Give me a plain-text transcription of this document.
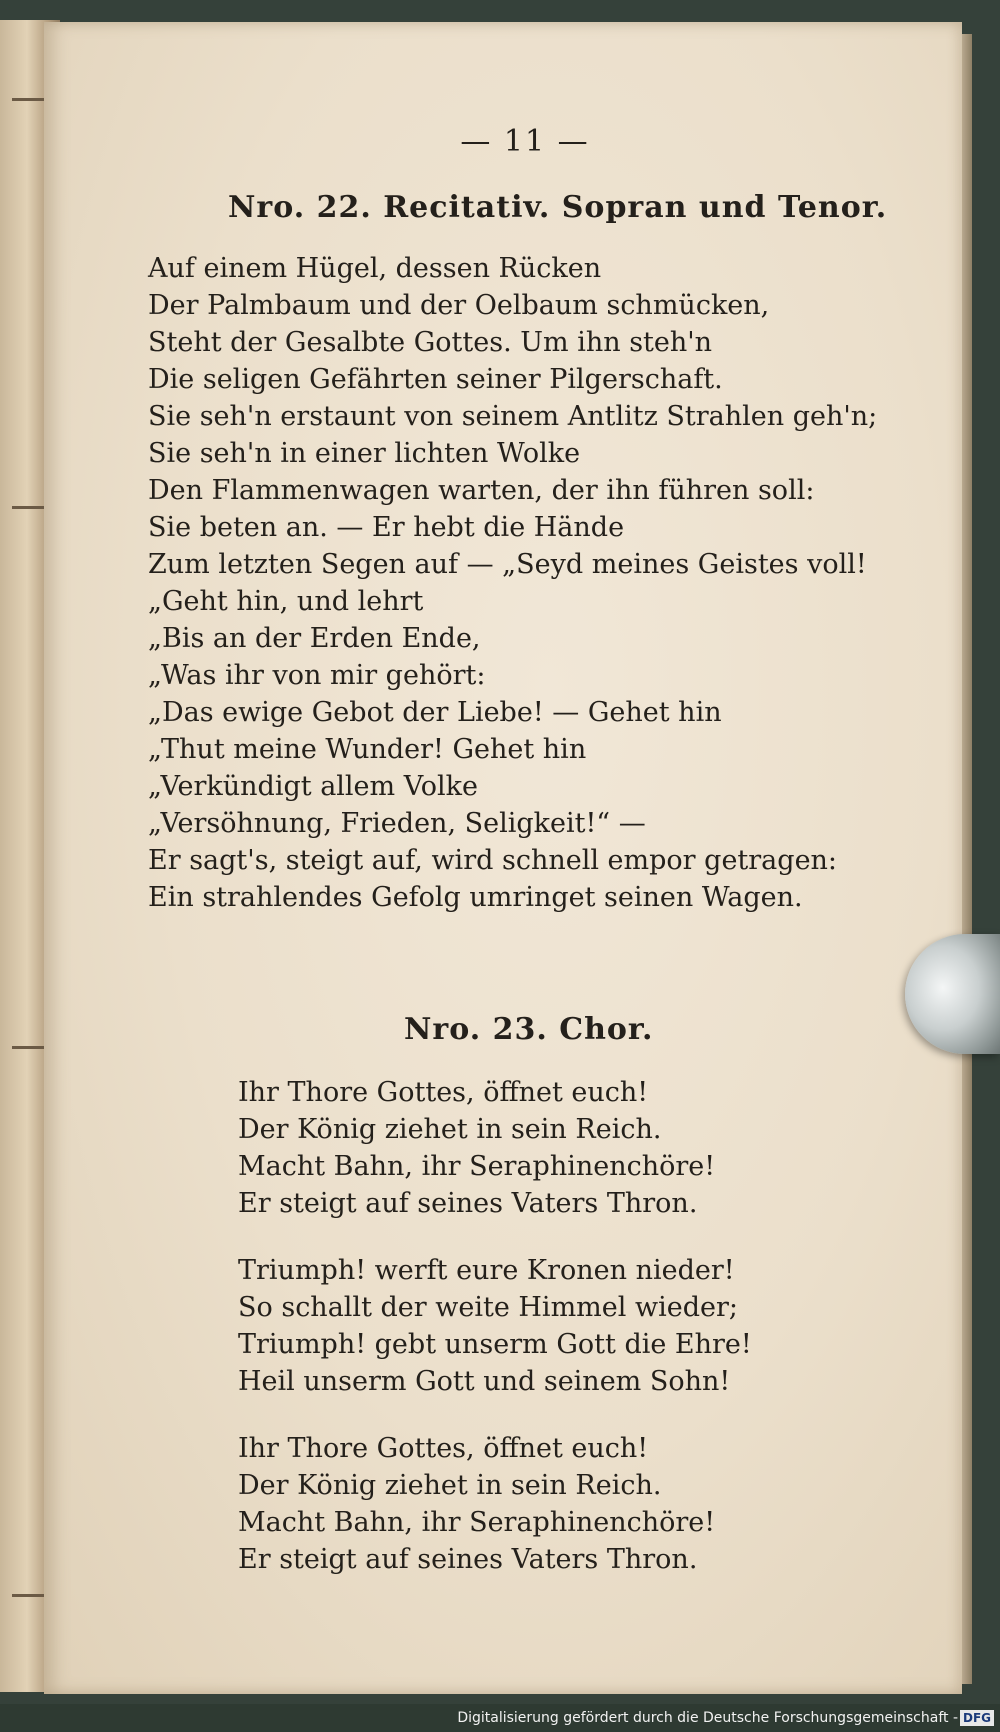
— 11 —
Nro. 22. Recitativ. Sopran und Tenor.
Auf einem Hügel, dessen Rücken
Der Palmbaum und der Oelbaum schmücken,
Steht der Gesalbte Gottes. Um ihn steh'n
Die seligen Gefährten seiner Pilgerschaft.
Sie seh'n erstaunt von seinem Antlitz Strahlen geh'n;
Sie seh'n in einer lichten Wolke
Den Flammenwagen warten, der ihn führen soll:
Sie beten an. — Er hebt die Hände
Zum letzten Segen auf — „Seyd meines Geistes voll!
„Geht hin, und lehrt
„Bis an der Erden Ende,
„Was ihr von mir gehört:
„Das ewige Gebot der Liebe! — Gehet hin
„Thut meine Wunder! Gehet hin
„Verkündigt allem Volke
„Versöhnung, Frieden, Seligkeit!“ —
Er sagt's, steigt auf, wird schnell empor getragen:
Ein strahlendes Gefolg umringet seinen Wagen.
Nro. 23. Chor.
Ihr Thore Gottes, öffnet euch!
Der König ziehet in sein Reich.
Macht Bahn, ihr Seraphinenchöre!
Er steigt auf seines Vaters Thron.
Triumph! werft eure Kronen nieder!
So schallt der weite Himmel wieder;
Triumph! gebt unserm Gott die Ehre!
Heil unserm Gott und seinem Sohn!
Ihr Thore Gottes, öffnet euch!
Der König ziehet in sein Reich.
Macht Bahn, ihr Seraphinenchöre!
Er steigt auf seines Vaters Thron.
Digitalisierung gefördert durch die Deutsche Forschungsgemeinschaft - DFG
